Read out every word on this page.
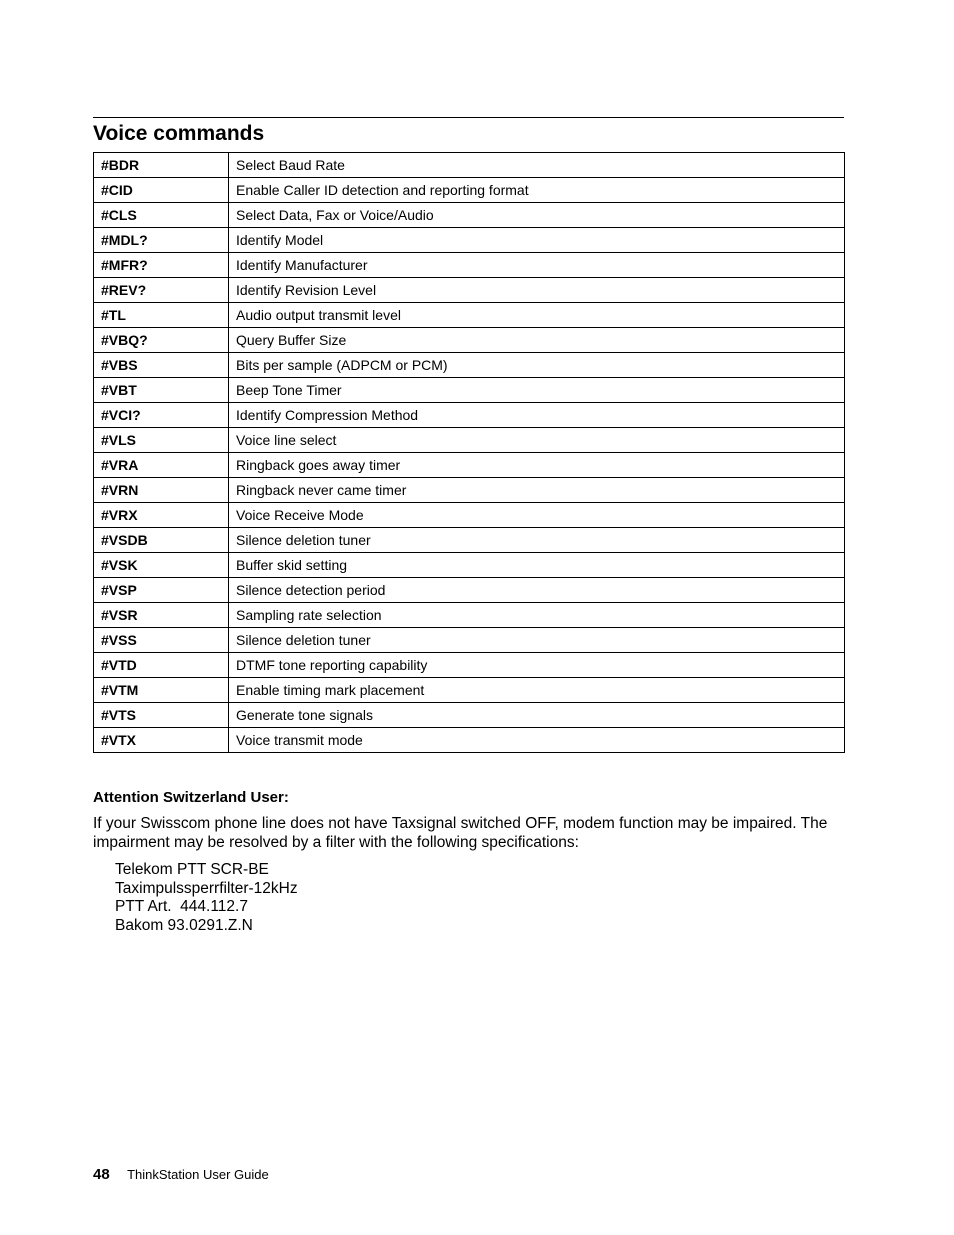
Voice commands
#BDR	Select Baud Rate
#CID	Enable Caller ID detection and reporting format
#CLS	Select Data, Fax or Voice/Audio
#MDL?	Identify Model
#MFR?	Identify Manufacturer
#REV?	Identify Revision Level
#TL	Audio output transmit level
#VBQ?	Query Buffer Size
#VBS	Bits per sample (ADPCM or PCM)
#VBT	Beep Tone Timer
#VCI?	Identify Compression Method
#VLS	Voice line select
#VRA	Ringback goes away timer
#VRN	Ringback never came timer
#VRX	Voice Receive Mode
#VSDB	Silence deletion tuner
#VSK	Buffer skid setting
#VSP	Silence detection period
#VSR	Sampling rate selection
#VSS	Silence deletion tuner
#VTD	DTMF tone reporting capability
#VTM	Enable timing mark placement
#VTS	Generate tone signals
#VTX	Voice transmit mode
Attention Switzerland User:

If your Swisscom phone line does not have Taxsignal switched OFF, modem function may be impaired. The impairment may be resolved by a filter with the following specifications:

Telekom PTT SCR-BE
Taximpulssperrfilter-12kHz
PTT Art.  444.112.7
Bakom 93.0291.Z.N
48 ThinkStation User Guide
